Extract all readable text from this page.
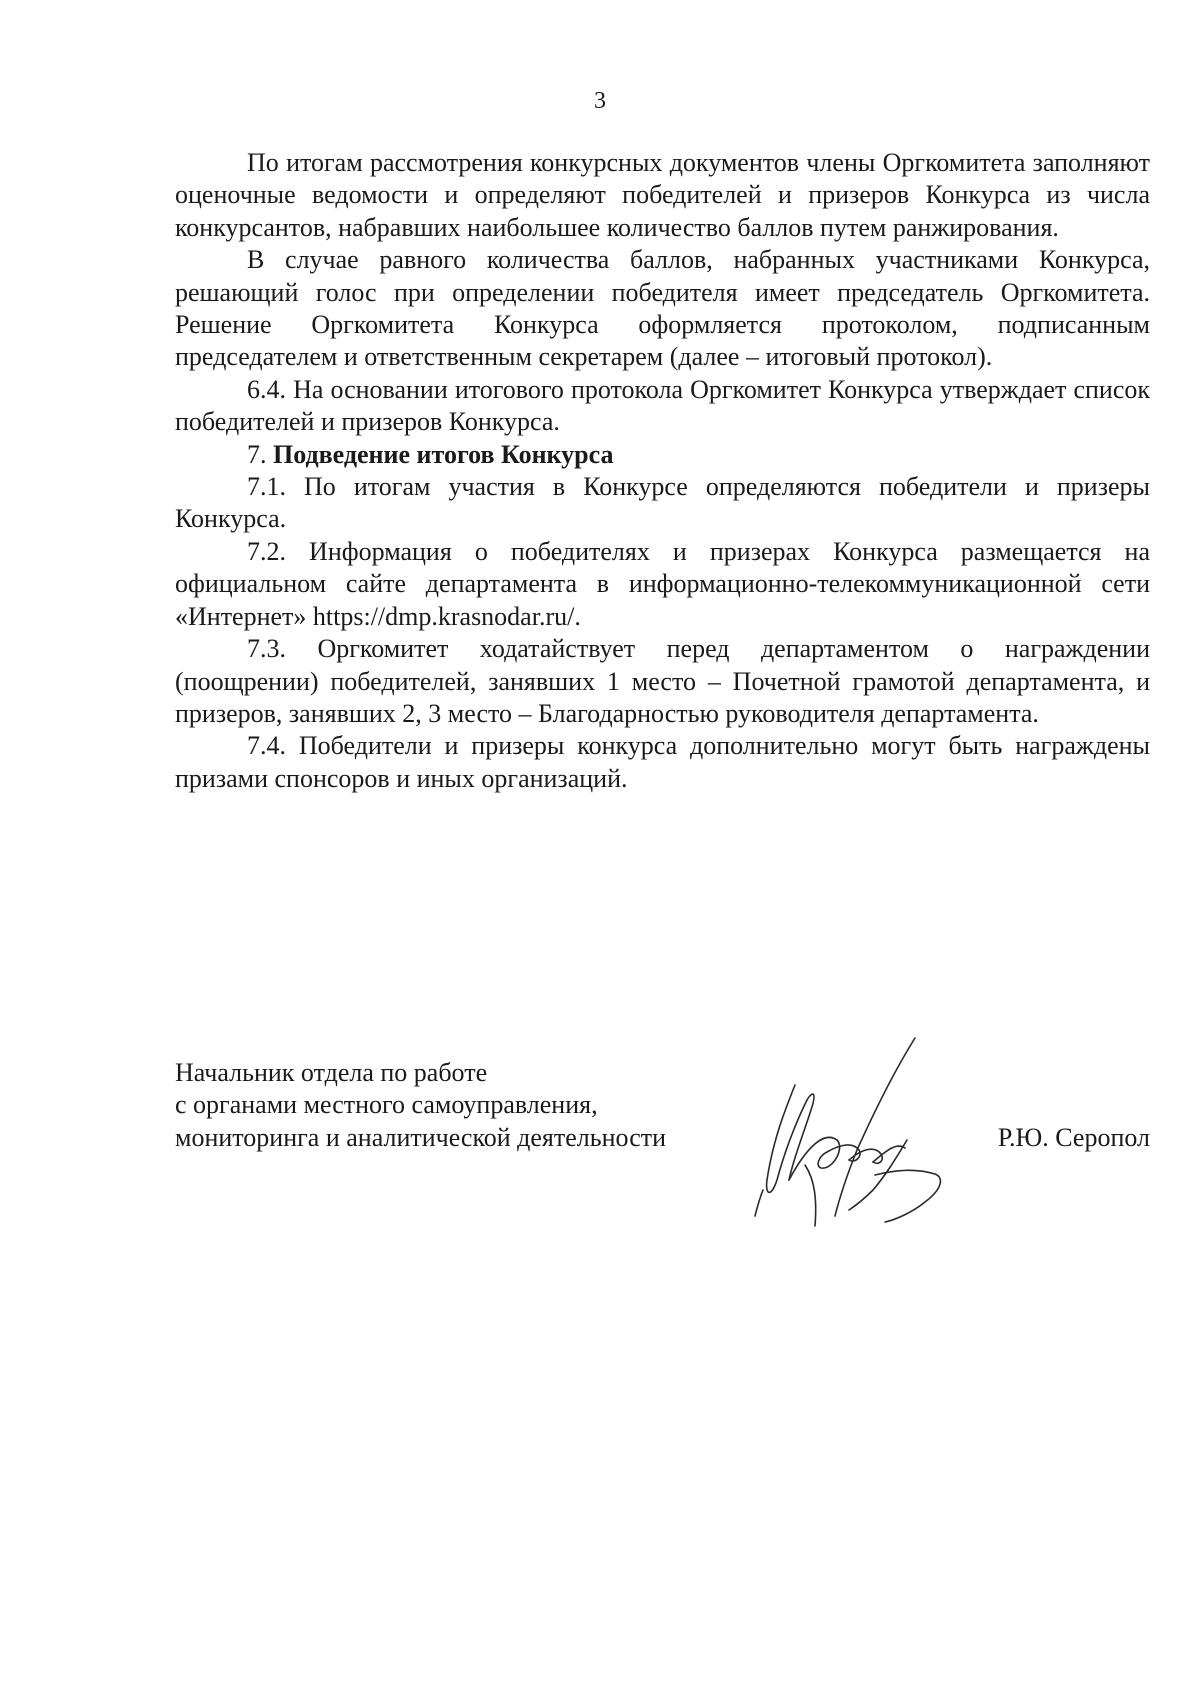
3

По итогам рассмотрения конкурсных документов члены Оргкомитета заполняют оценочные ведомости и определяют победителей и призеров Конкурса из числа конкурсантов, набравших наибольшее количество баллов путем ранжирования.

В случае равного количества баллов, набранных участниками Конкурса, решающий голос при определении победителя имеет председатель Оргкомитета. Решение Оргкомитета Конкурса оформляется протоколом, подписанным председателем и ответственным секретарем (далее – итоговый протокол).

6.4. На основании итогового протокола Оргкомитет Конкурса утверждает список победителей и призеров Конкурса.

7. Подведение итогов Конкурса

7.1. По итогам участия в Конкурсе определяются победители и призеры Конкурса.

7.2. Информация о победителях и призерах Конкурса размещается на официальном сайте департамента в информационно-телекоммуникационной сети «Интернет» https://dmp.krasnodar.ru/.

7.3. Оргкомитет ходатайствует перед департаментом о награждении (поощрении) победителей, занявших 1 место – Почетной грамотой департамента, и призеров, занявших 2, 3 место – Благодарностью руководителя департамента.

7.4. Победители и призеры конкурса дополнительно могут быть награждены призами спонсоров и иных организаций.

Начальник отдела по работе
с органами местного самоуправления,
мониторинга и аналитической деятельности	Р.Ю. Серопол
